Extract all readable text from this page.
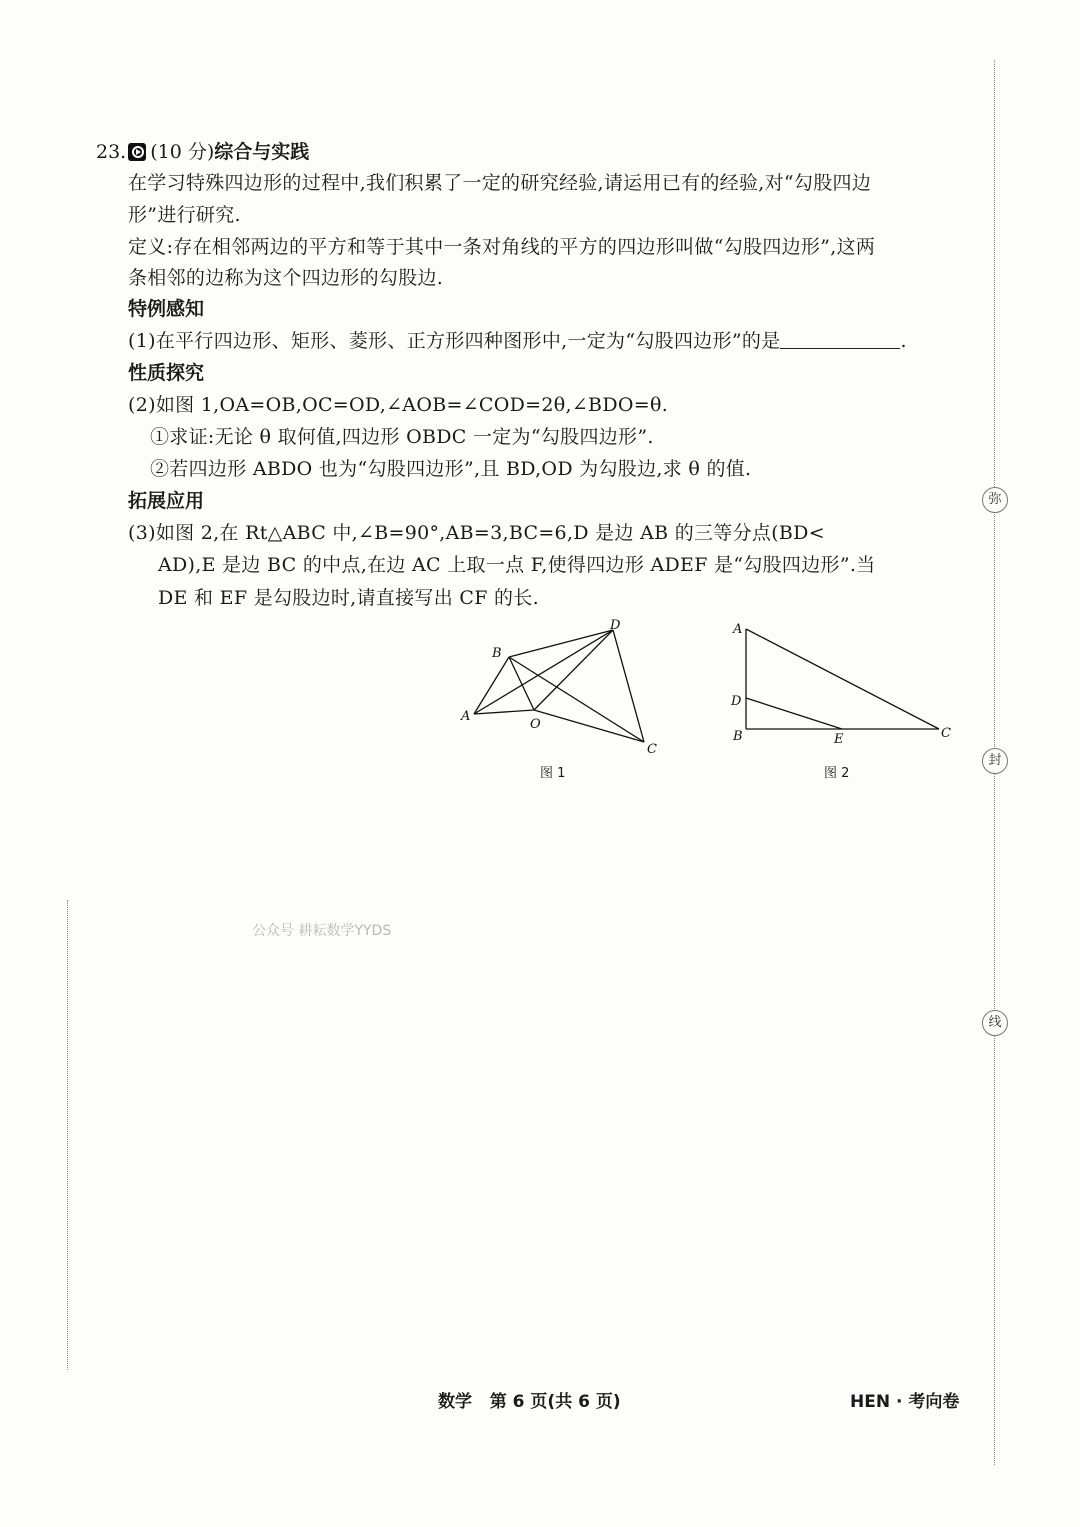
23. (10 分)综合与实践
在学习特殊四边形的过程中,我们积累了一定的研究经验,请运用已有的经验,对“勾股四边
形”进行研究.
定义:存在相邻两边的平方和等于其中一条对角线的平方的四边形叫做“勾股四边形”,这两
条相邻的边称为这个四边形的勾股边.
特例感知
(1)在平行四边形、矩形、菱形、正方形四种图形中,一定为“勾股四边形”的是	.
性质探究
(2)如图 1,OA=OB,OC=OD,∠AOB=∠COD=2θ,∠BDO=θ.
①求证:无论 θ 取何值,四边形 OBDC 一定为“勾股四边形”.
②若四边形 ABDO 也为“勾股四边形”,且 BD,OD 为勾股边,求 θ 的值.
拓展应用
(3)如图 2,在 Rt△ABC 中,∠B=90°,AB=3,BC=6,D 是边 AB 的三等分点(BD<
AD),E 是边 BC 的中点,在边 AC 上取一点 F,使得四边形 ADEF 是“勾股四边形”.当
DE 和 EF 是勾股边时,请直接写出 CF 的长.
A
B
O
D
C
图 1
A
D
B	E	C
图 2
公众号 耕耘数学YYDS
弥
封
线
数学   第 6 页(共 6 页)	HEN · 考向卷
